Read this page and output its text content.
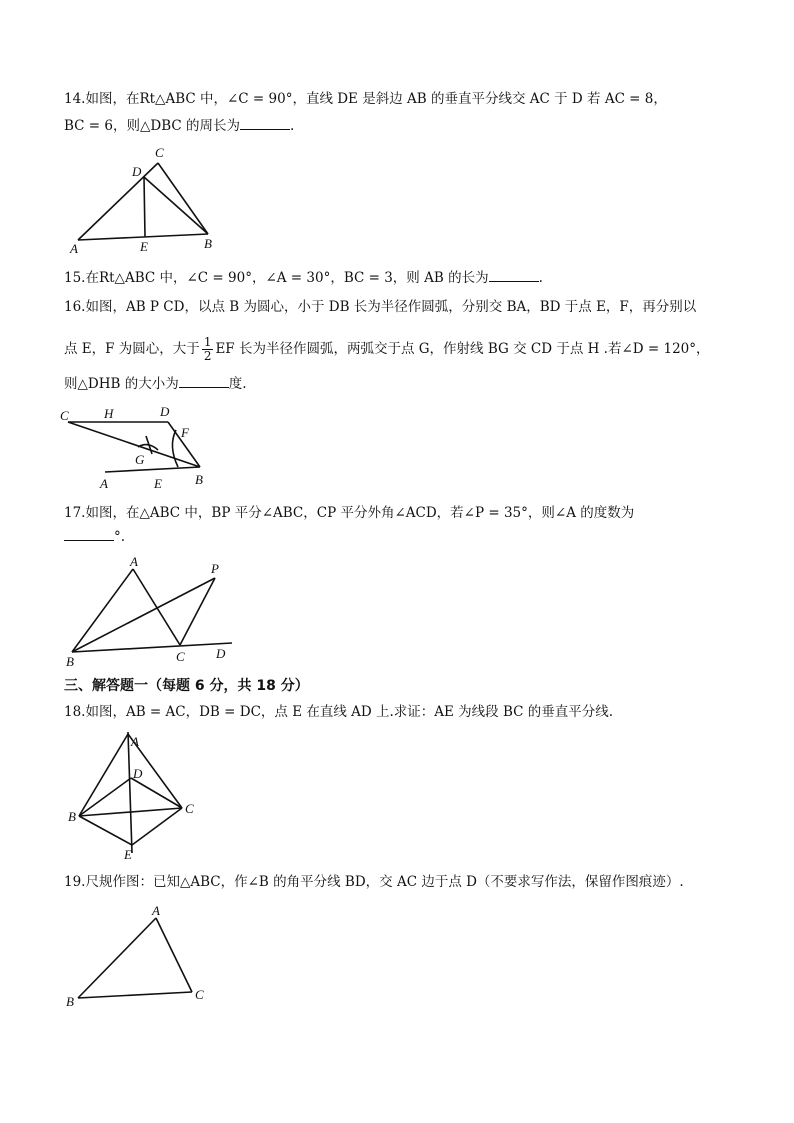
14.如图，在Rt△ABC 中，∠C = 90°，直线 DE 是斜边 AB 的垂直平分线交 AC 于 D 若 AC = 8，
BC = 6，则△DBC 的周长为	.
C
D
A	E	B
15.在Rt△ABC 中，∠C = 90°，∠A = 30°，BC = 3，则 AB 的长为	.
16.如图，AB P CD，以点 B 为圆心，小于 DB 长为半径作圆弧，分别交 BA，BD 于点 E，F，再分别以
点 E，F 为圆心，大于 $\frac{1}{2}$ EF 长为半径作圆弧，两弧交于点 G，作射线 BG 交 CD 于点 H .若∠D = 120°，
则△DHB 的大小为	度.
C	H	D
F
G
A	E	B
17.如图，在△ABC 中，BP 平分∠ABC，CP 平分外角∠ACD，若∠P = 35°，则∠A 的度数为
°.
A	P
B	C D
三、解答题一（每题 6 分，共 18 分）
18.如图，AB = AC，DB = DC，点 E 在直线 AD 上.求证：AE 为线段 BC 的垂直平分线.
A
D
B
C
E
19.尺规作图：已知△ABC，作∠B 的角平分线 BD，交 AC 边于点 D（不要求写作法，保留作图痕迹）.
A
B	C
